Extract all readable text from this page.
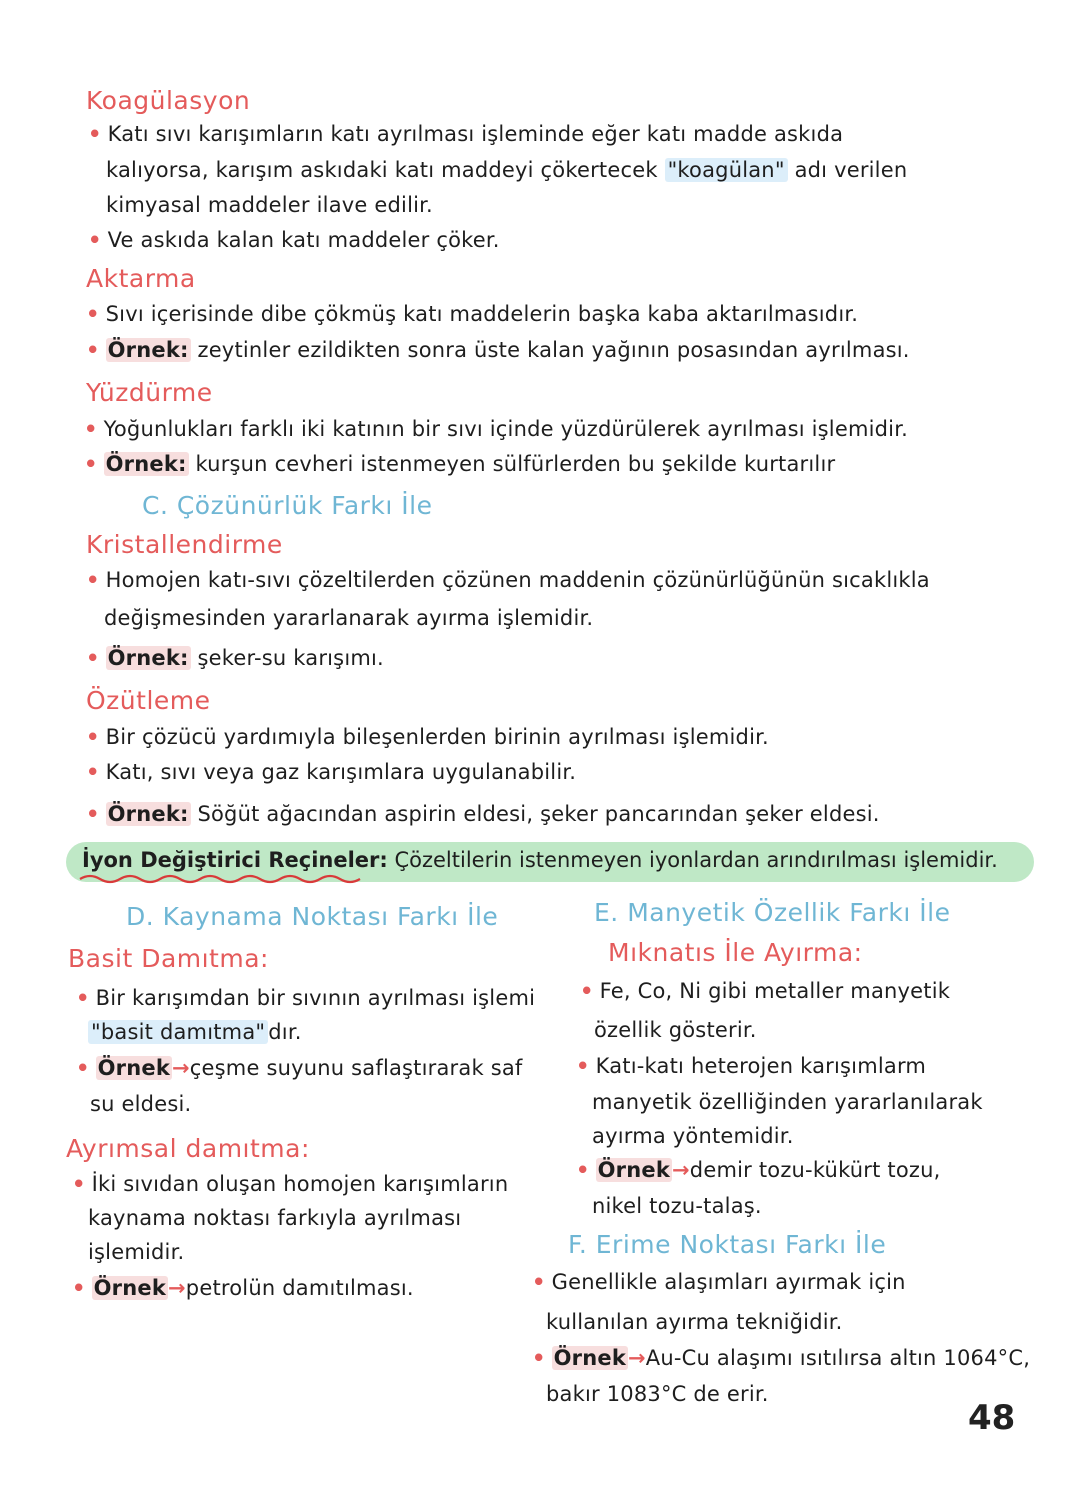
Koagülasyon
• Katı sıvı karışımların katı ayrılması işleminde eğer katı madde askıda
kalıyorsa, karışım askıdaki katı maddeyi çökertecek "koagülan" adı verilen
kimyasal maddeler ilave edilir.
• Ve askıda kalan katı maddeler çöker.
Aktarma
• Sıvı içerisinde dibe çökmüş katı maddelerin başka kaba aktarılmasıdır.
• Örnek: zeytinler ezildikten sonra üste kalan yağının posasından ayrılması.
Yüzdürme
• Yoğunlukları farklı iki katının bir sıvı içinde yüzdürülerek ayrılması işlemidir.
• Örnek: kurşun cevheri istenmeyen sülfürlerden bu şekilde kurtarılır
C. Çözünürlük Farkı İle
Kristallendirme
• Homojen katı-sıvı çözeltilerden çözünen maddenin çözünürlüğünün sıcaklıkla
değişmesinden yararlanarak ayırma işlemidir.
• Örnek: şeker-su karışımı.
Özütleme
• Bir çözücü yardımıyla bileşenlerden birinin ayrılması işlemidir.
• Katı, sıvı veya gaz karışımlara uygulanabilir.
• Örnek: Söğüt ağacından aspirin eldesi, şeker pancarından şeker eldesi.
İyon Değiştirici Reçineler: Çözeltilerin istenmeyen iyonlardan arındırılması işlemidir.
D. Kaynama Noktası Farkı İle
Basit Damıtma:
• Bir karışımdan bir sıvının ayrılması işlemi
"basit damıtma" dır.
• Örnek→çeşme suyunu saflaştırarak saf
su eldesi.
Ayrımsal damıtma:
• İki sıvıdan oluşan homojen karışımların
kaynama noktası farkıyla ayrılması
işlemidir.
• Örnek→petrolün damıtılması.
E. Manyetik Özellik Farkı İle
Mıknatıs İle Ayırma:
• Fe, Co, Ni gibi metaller manyetik
özellik gösterir.
• Katı-katı heterojen karışımlarm
manyetik özelliğinden yararlanılarak
ayırma yöntemidir.
• Örnek→demir tozu-kükürt tozu,
nikel tozu-talaş.
F. Erime Noktası Farkı İle
• Genellikle alaşımları ayırmak için
kullanılan ayırma tekniğidir.
• Örnek→Au-Cu alaşımı ısıtılırsa altın 1064°C,
bakır 1083°C de erir.
48
